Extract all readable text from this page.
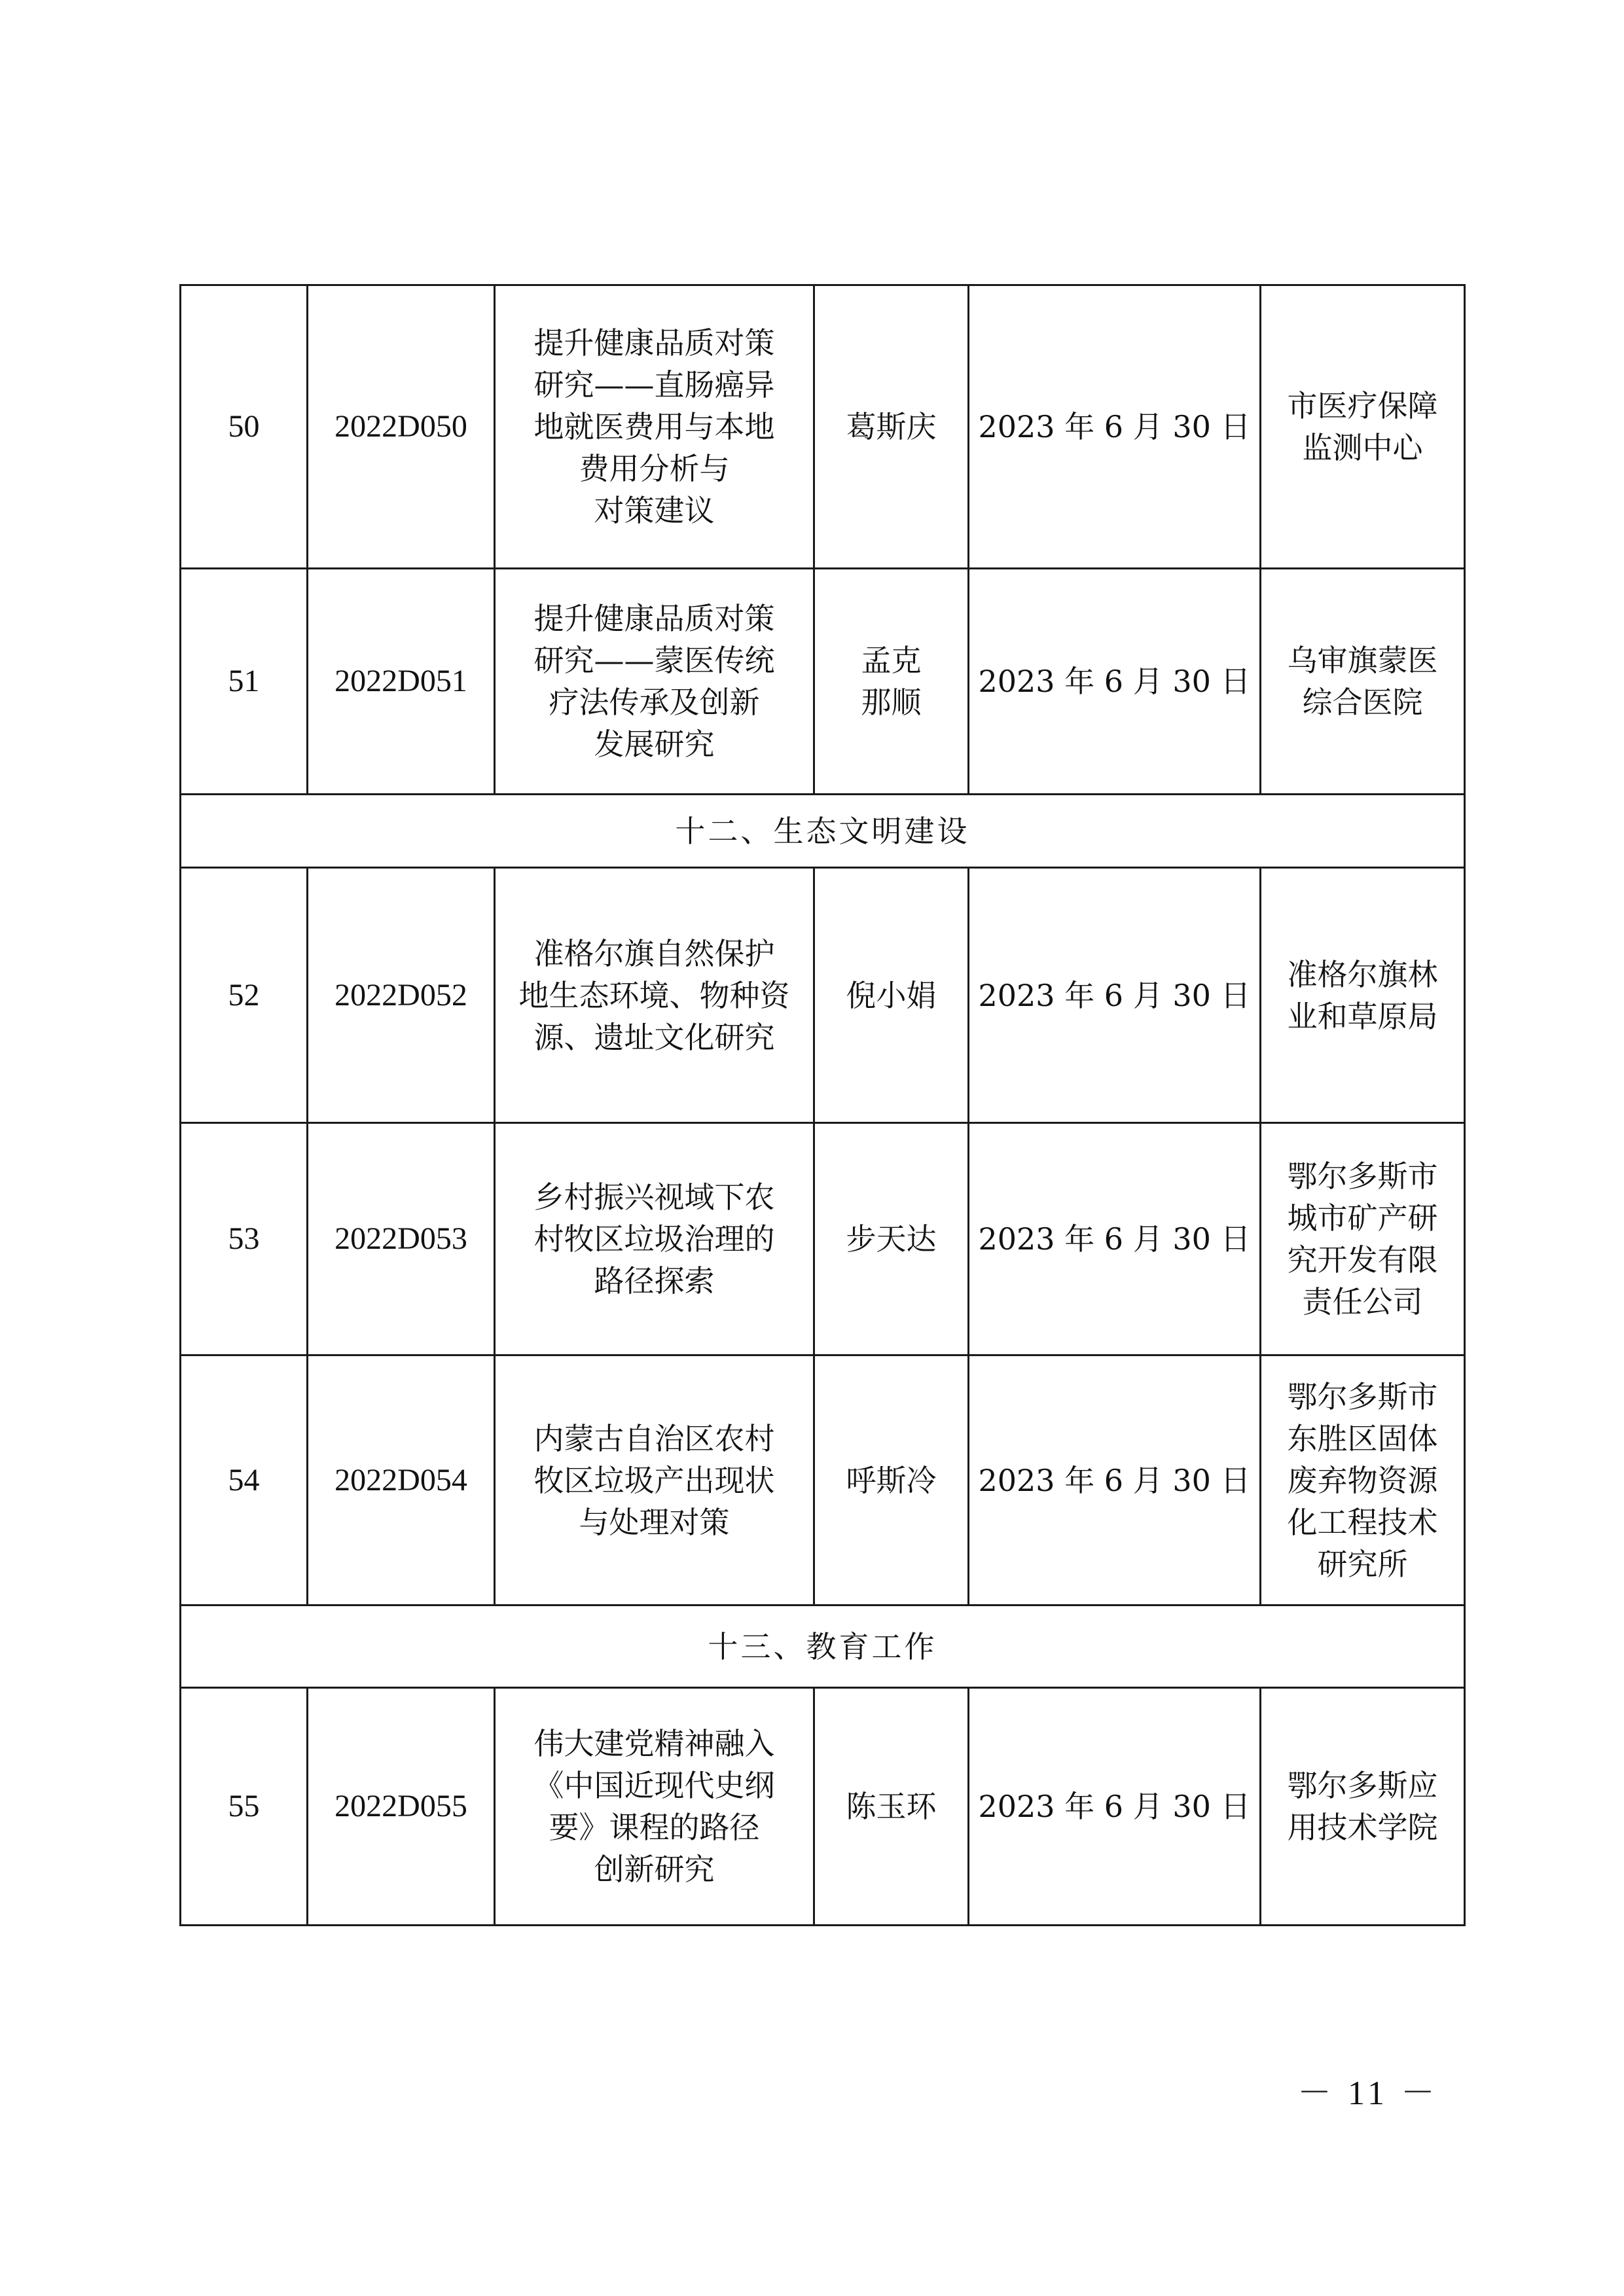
50	2022D050	提升健康品质对策
研究——直肠癌异
地就医费用与本地
费用分析与
对策建议	葛斯庆	2023 年 6 月 30 日	市医疗保障
监测中心

51	2022D051	提升健康品质对策
研究——蒙医传统
疗法传承及创新
发展研究	孟克
那顺	2023 年 6 月 30 日	乌审旗蒙医
综合医院

十二、生态文明建设					
52	2022D052	准格尔旗自然保护
地生态环境、物种资
源、遗址文化研究	倪小娟	2023 年 6 月 30 日	准格尔旗林
业和草原局

53	2022D053	乡村振兴视域下农
村牧区垃圾治理的
路径探索	步天达	2023 年 6 月 30 日	鄂尔多斯市
城市矿产研
究开发有限
责任公司

54	2022D054	内蒙古自治区农村
牧区垃圾产出现状
与处理对策	呼斯冷	2023 年 6 月 30 日	鄂尔多斯市
东胜区固体
废弃物资源
化工程技术
研究所

十三、教育工作					
55	2022D055	伟大建党精神融入
《中国近现代史纲
要》课程的路径
创新研究	陈玉环	2023 年 6 月 30 日	鄂尔多斯应
用技术学院
－ 11 －
